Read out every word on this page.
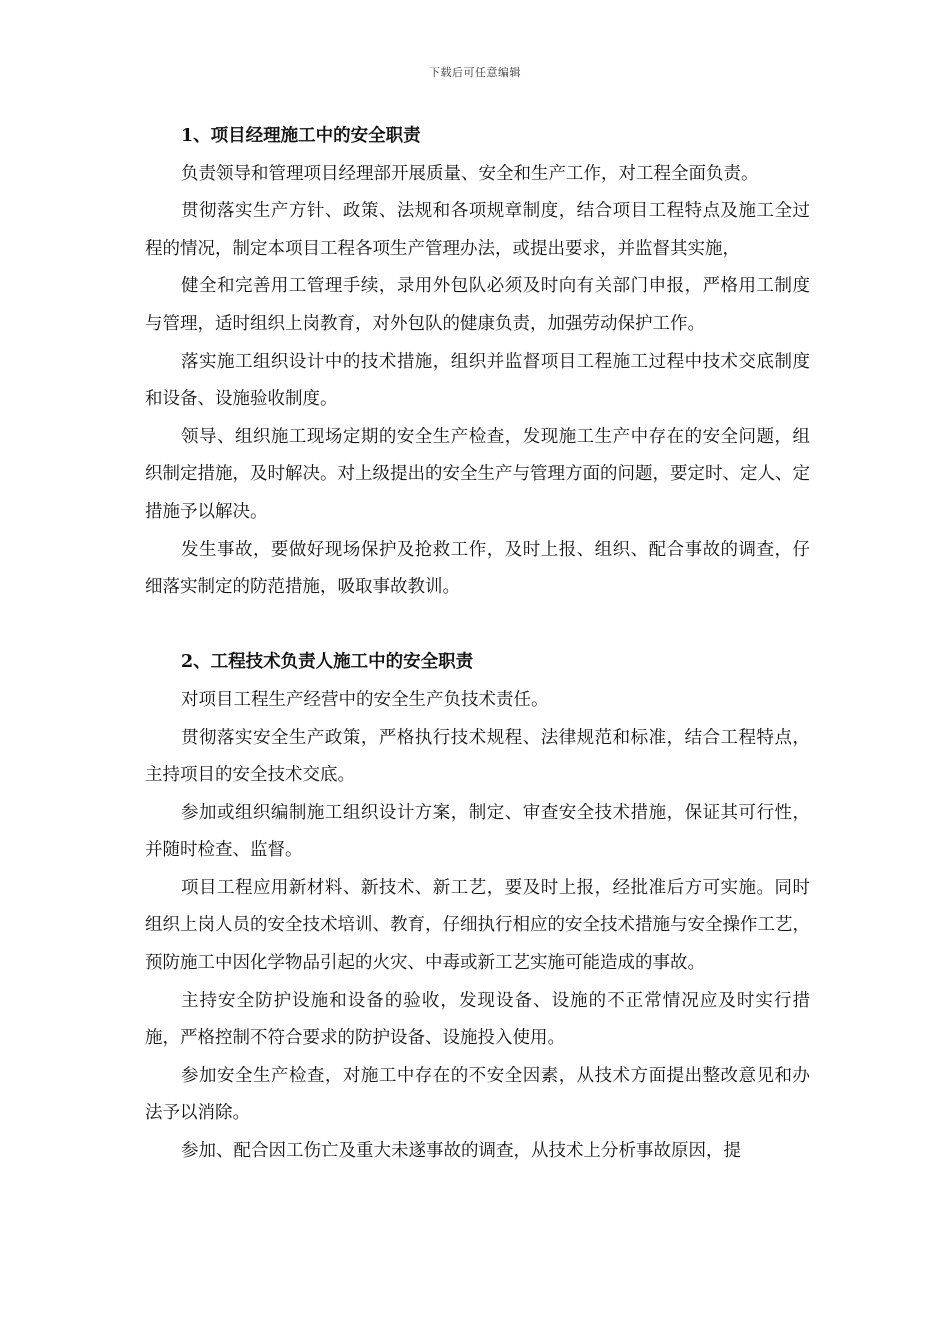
下载后可任意编辑

1、项目经理施工中的安全职责

负责领导和管理项目经理部开展质量、安全和生产工作，对工程全面负责。

贯彻落实生产方针、政策、法规和各项规章制度，结合项目工程特点及施工全过程的情况，制定本项目工程各项生产管理办法，或提出要求，并监督其实施，

健全和完善用工管理手续，录用外包队必须及时向有关部门申报，严格用工制度与管理，适时组织上岗教育，对外包队的健康负责，加强劳动保护工作。

落实施工组织设计中的技术措施，组织并监督项目工程施工过程中技术交底制度和设备、设施验收制度。

领导、组织施工现场定期的安全生产检查，发现施工生产中存在的安全问题，组织制定措施，及时解决。对上级提出的安全生产与管理方面的问题，要定时、定人、定措施予以解决。

发生事故，要做好现场保护及抢救工作，及时上报、组织、配合事故的调查，仔细落实制定的防范措施，吸取事故教训。

2、工程技术负责人施工中的安全职责

对项目工程生产经营中的安全生产负技术责任。

贯彻落实安全生产政策，严格执行技术规程、法律规范和标准，结合工程特点，主持项目的安全技术交底。

参加或组织编制施工组织设计方案，制定、审查安全技术措施，保证其可行性，并随时检查、监督。

项目工程应用新材料、新技术、新工艺，要及时上报，经批准后方可实施。同时组织上岗人员的安全技术培训、教育，仔细执行相应的安全技术措施与安全操作工艺，预防施工中因化学物品引起的火灾、中毒或新工艺实施可能造成的事故。

主持安全防护设施和设备的验收，发现设备、设施的不正常情况应及时实行措施，严格控制不符合要求的防护设备、设施投入使用。

参加安全生产检查，对施工中存在的不安全因素，从技术方面提出整改意见和办法予以消除。

参加、配合因工伤亡及重大未遂事故的调查，从技术上分析事故原因，提
